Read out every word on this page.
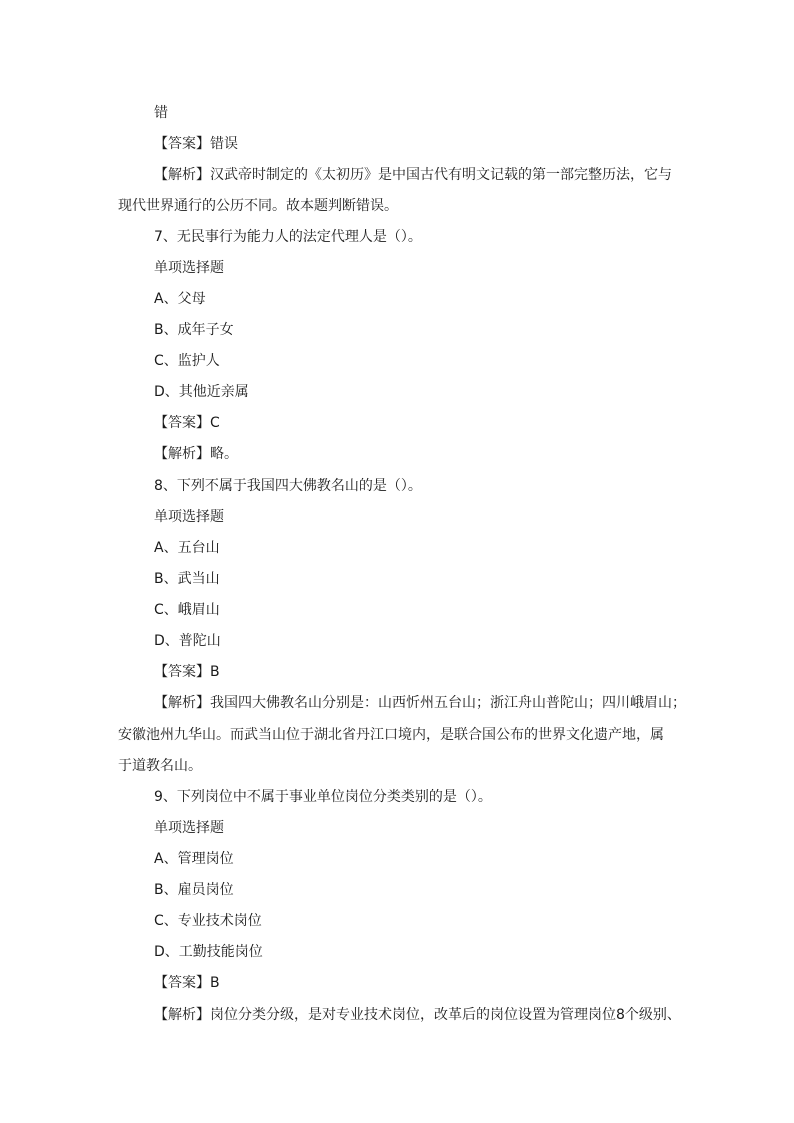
错
【答案】错误
【解析】汉武帝时制定的《太初历》是中国古代有明文记载的第一部完整历法，它与
现代世界通行的公历不同。故本题判断错误。
7、无民事行为能力人的法定代理人是（）。
单项选择题
A、父母
B、成年子女
C、监护人
D、其他近亲属
【答案】C
【解析】略。
8、下列不属于我国四大佛教名山的是（）。
单项选择题
A、五台山
B、武当山
C、峨眉山
D、普陀山
【答案】B
【解析】我国四大佛教名山分别是：山西忻州五台山；浙江舟山普陀山；四川峨眉山；
安徽池州九华山。而武当山位于湖北省丹江口境内，是联合国公布的世界文化遗产地，属
于道教名山。
9、下列岗位中不属于事业单位岗位分类类别的是（）。
单项选择题
A、管理岗位
B、雇员岗位
C、专业技术岗位
D、工勤技能岗位
【答案】B
【解析】岗位分类分级，是对专业技术岗位，改革后的岗位设置为管理岗位8个级别、
